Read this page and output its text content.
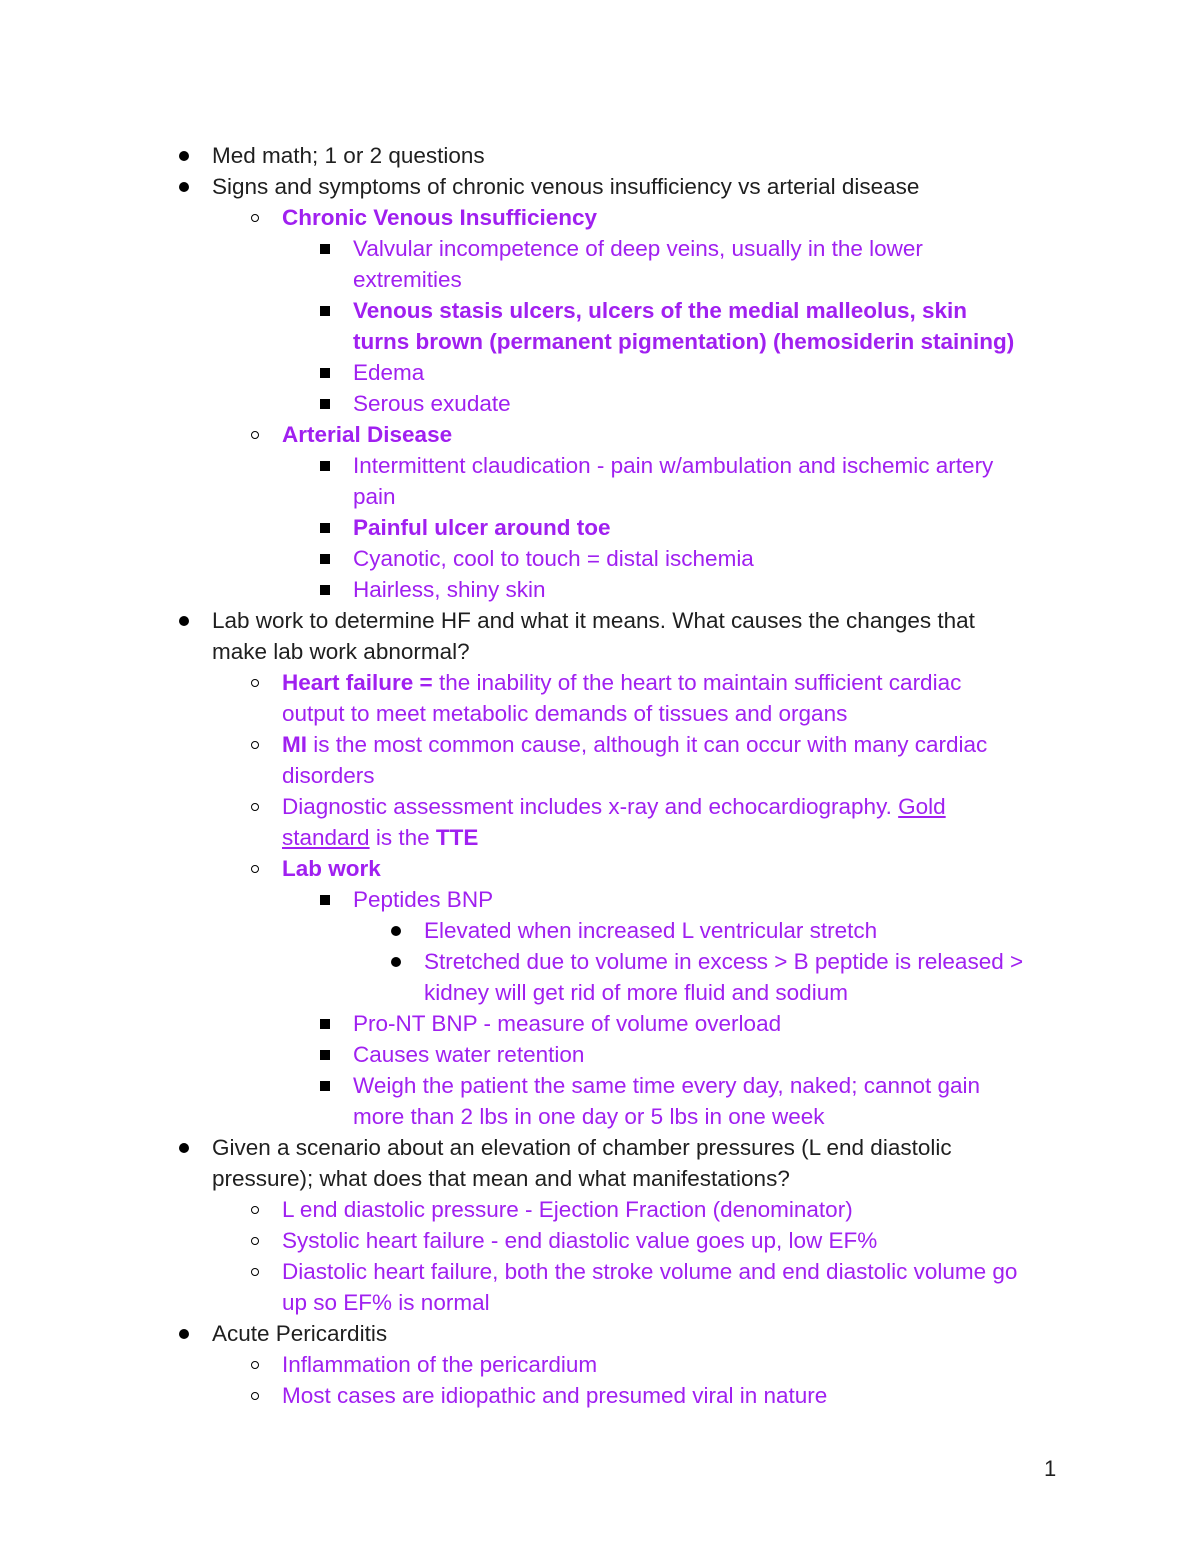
Med math; 1 or 2 questions
Signs and symptoms of chronic venous insufficiency vs arterial disease
Chronic Venous Insufficiency
Valvular incompetence of deep veins, usually in the lower
extremities
Venous stasis ulcers, ulcers of the medial malleolus, skin
turns brown (permanent pigmentation) (hemosiderin staining)
Edema
Serous exudate
Arterial Disease
Intermittent claudication - pain w/ambulation and ischemic artery
pain
Painful ulcer around toe
Cyanotic, cool to touch = distal ischemia
Hairless, shiny skin
Lab work to determine HF and what it means. What causes the changes that
make lab work abnormal?
Heart failure = the inability of the heart to maintain sufficient cardiac
output to meet metabolic demands of tissues and organs
MI is the most common cause, although it can occur with many cardiac
disorders
Diagnostic assessment includes x-ray and echocardiography. Gold
standard is the TTE
Lab work
Peptides BNP
Elevated when increased L ventricular stretch
Stretched due to volume in excess > B peptide is released >
kidney will get rid of more fluid and sodium
Pro-NT BNP - measure of volume overload
Causes water retention
Weigh the patient the same time every day, naked; cannot gain
more than 2 lbs in one day or 5 lbs in one week
Given a scenario about an elevation of chamber pressures (L end diastolic
pressure); what does that mean and what manifestations?
L end diastolic pressure - Ejection Fraction (denominator)
Systolic heart failure - end diastolic value goes up, low EF%
Diastolic heart failure, both the stroke volume and end diastolic volume go
up so EF% is normal
Acute Pericarditis
Inflammation of the pericardium
Most cases are idiopathic and presumed viral in nature
1
